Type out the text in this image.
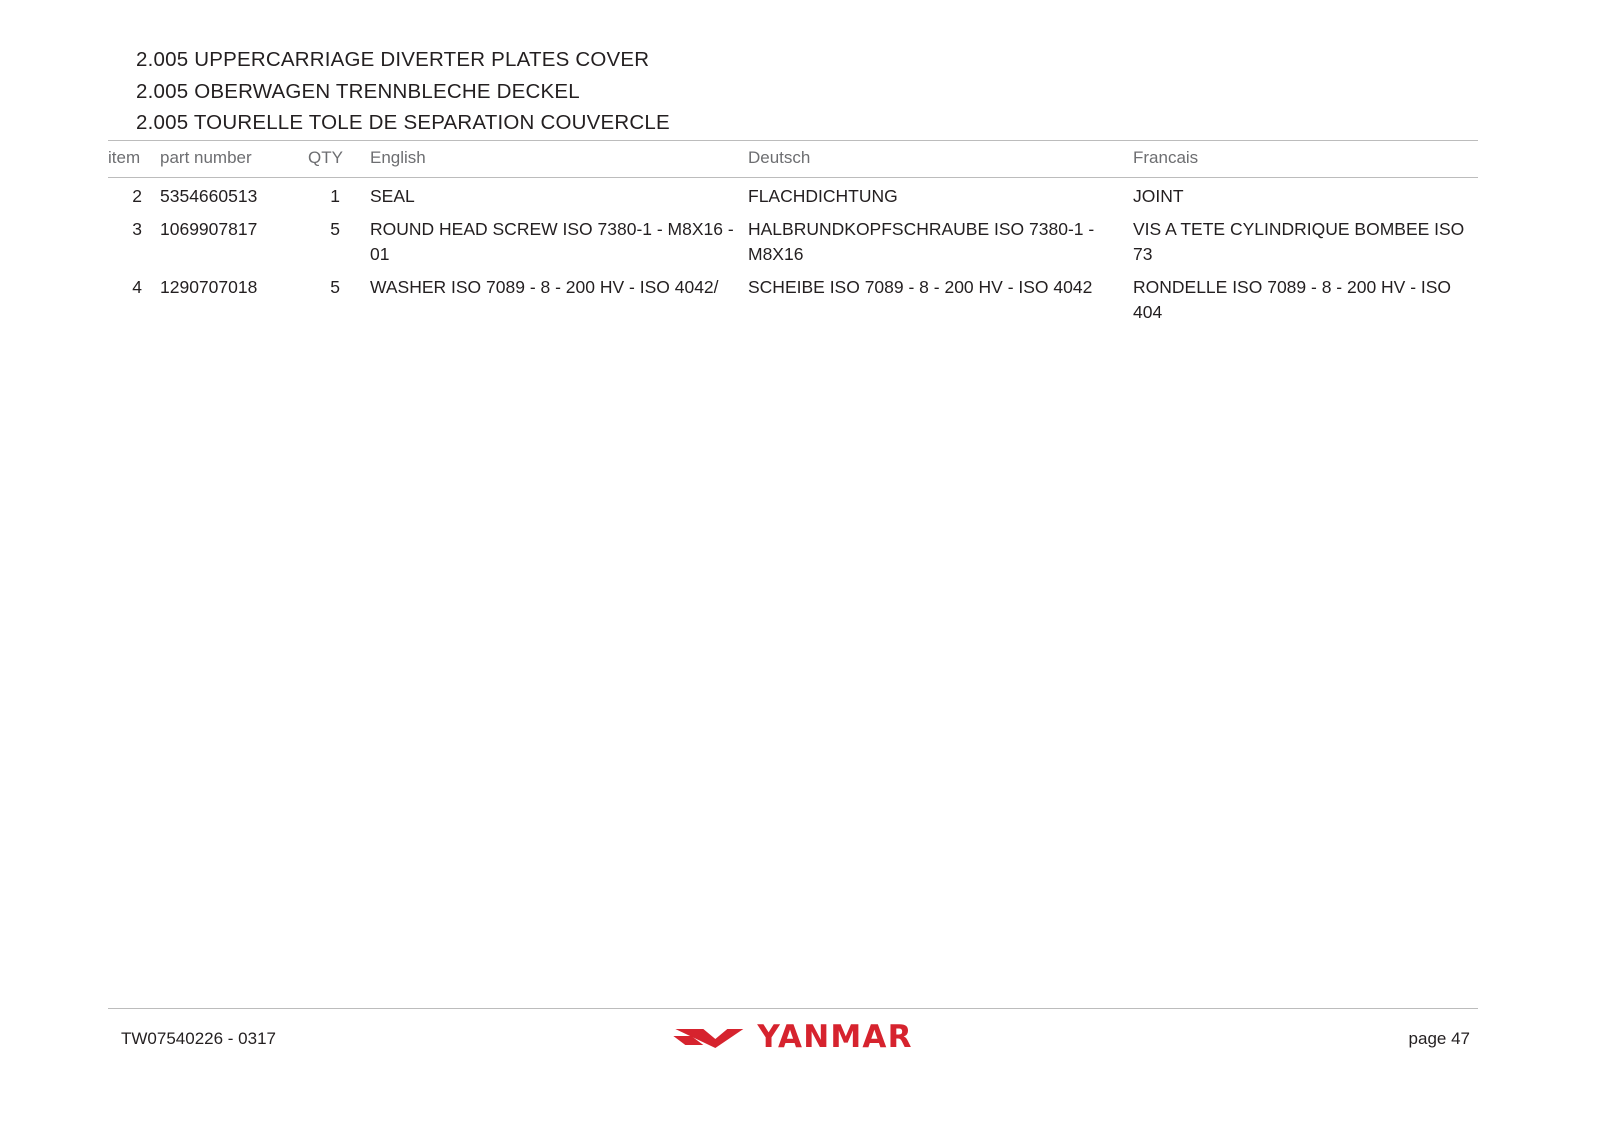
2.005 UPPERCARRIAGE DIVERTER PLATES COVER
2.005 OBERWAGEN TRENNBLECHE DECKEL
2.005 TOURELLE TOLE DE SEPARATION COUVERCLE
item	part number	QTY	English	Deutsch	Francais
2	5354660513	1	SEAL	FLACHDICHTUNG	JOINT
3	1069907817	5	ROUND HEAD SCREW ISO 7380-1 - M8X16 - 01	HALBRUNDKOPFSCHRAUBE ISO 7380-1 - M8X16	VIS A TETE CYLINDRIQUE BOMBEE ISO 73
4	1290707018	5	WASHER ISO 7089 - 8 - 200 HV - ISO 4042/	SCHEIBE ISO 7089 - 8 - 200 HV - ISO 4042	RONDELLE ISO 7089 - 8 - 200 HV - ISO 404
TW07540226 - 0317	YANMAR	page 47
